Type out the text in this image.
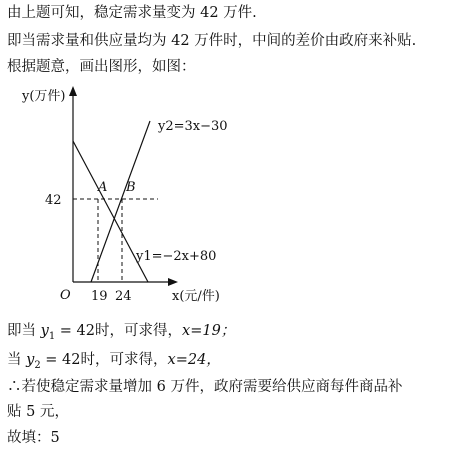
由上题可知，稳定需求量变为 42 万件.
即当需求量和供应量均为 42 万件时，中间的差价由政府来补贴.
根据题意，画出图形，如图：
y(万件)
x(元/件)
O
42
19 24
A B
y2=3x−30
y1=−2x+80
即当 $y_1 = 42$时，可求得，x=19；
当 $y_2 = 42$时，可求得，x=24，
∴若使稳定需求量增加 6 万件，政府需要给供应商每件商品补
贴 5 元，
故填：5
